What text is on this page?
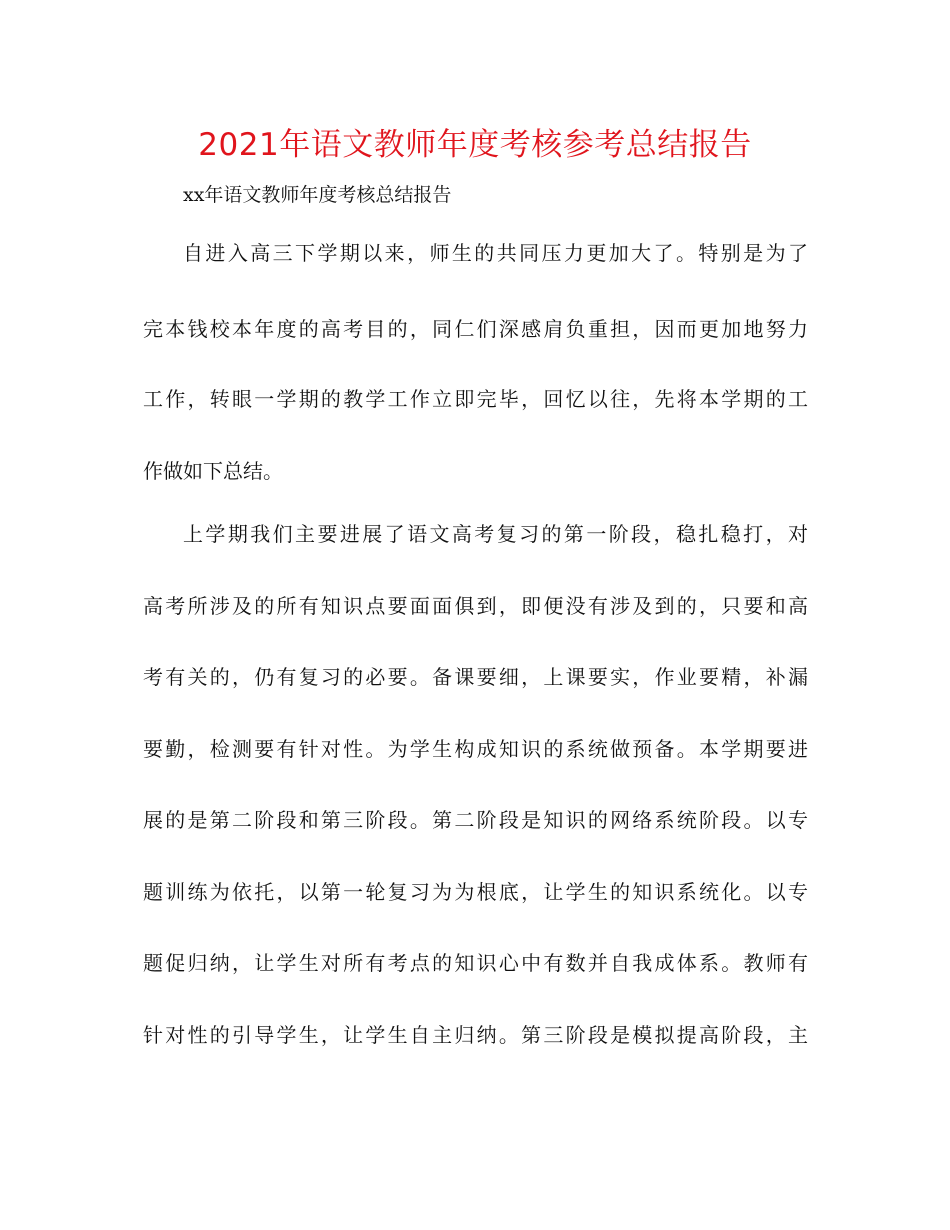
2021年语文教师年度考核参考总结报告
xx年语文教师年度考核总结报告
自进入高三下学期以来，师生的共同压力更加大了。特别是为了
完本钱校本年度的高考目的，同仁们深感肩负重担，因而更加地努力
工作，转眼一学期的教学工作立即完毕，回忆以往，先将本学期的工
作做如下总结。
上学期我们主要进展了语文高考复习的第一阶段，稳扎稳打，对
高考所涉及的所有知识点要面面俱到，即便没有涉及到的，只要和高
考有关的，仍有复习的必要。备课要细，上课要实，作业要精，补漏
要勤，检测要有针对性。为学生构成知识的系统做预备。本学期要进
展的是第二阶段和第三阶段。第二阶段是知识的网络系统阶段。以专
题训练为依托，以第一轮复习为为根底，让学生的知识系统化。以专
题促归纳，让学生对所有考点的知识心中有数并自我成体系。教师有
针对性的引导学生，让学生自主归纳。第三阶段是模拟提高阶段，主
